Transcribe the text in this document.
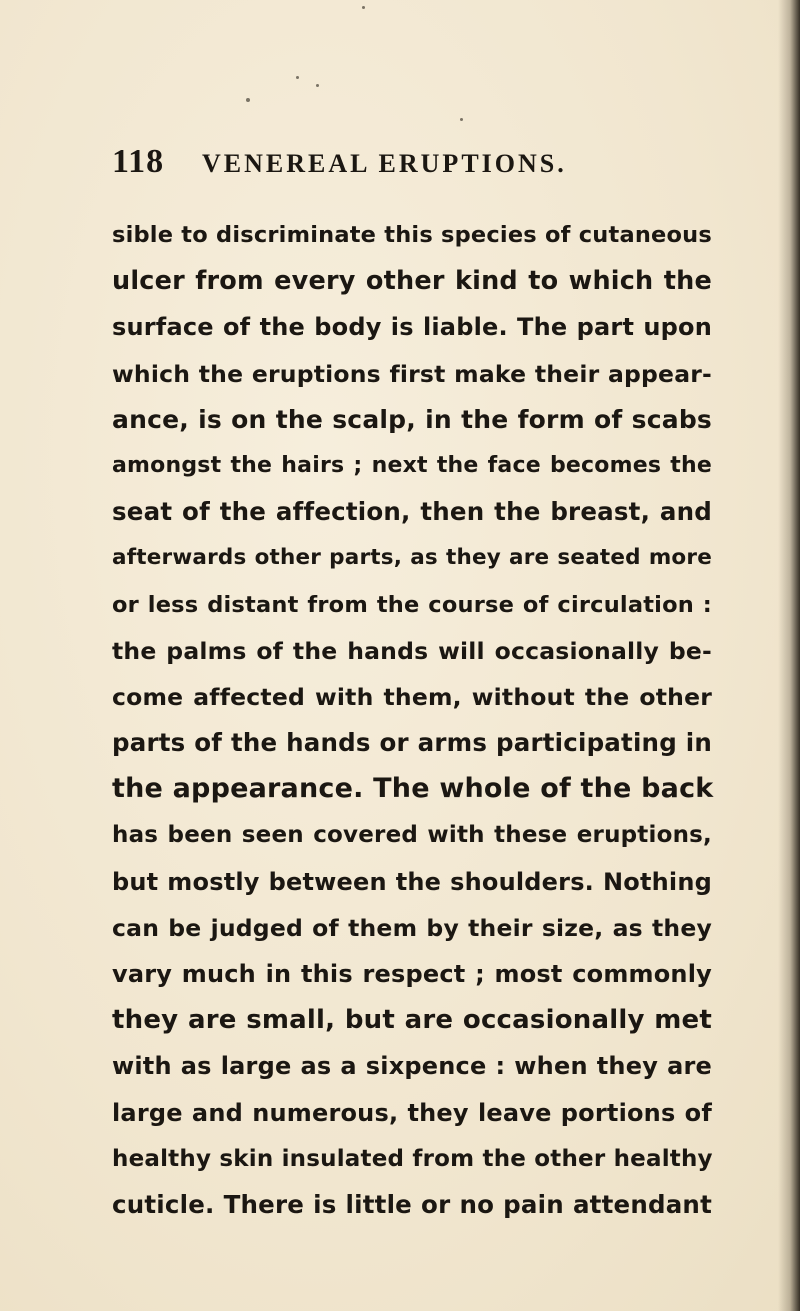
118 VENEREAL ERUPTIONS.
sible to discriminate this species of cutaneous
ulcer from every other kind to which the
surface of the body is liable. The part upon
which the eruptions first make their appear-
ance, is on the scalp, in the form of scabs
amongst the hairs ; next the face becomes the
seat of the affection, then the breast, and
afterwards other parts, as they are seated more
or less distant from the course of circulation :
the palms of the hands will occasionally be-
come affected with them, without the other
parts of the hands or arms participating in
the appearance. The whole of the back
has been seen covered with these eruptions,
but mostly between the shoulders. Nothing
can be judged of them by their size, as they
vary much in this respect ; most commonly
they are small, but are occasionally met
with as large as a sixpence : when they are
large and numerous, they leave portions of
healthy skin insulated from the other healthy
cuticle. There is little or no pain attendant
